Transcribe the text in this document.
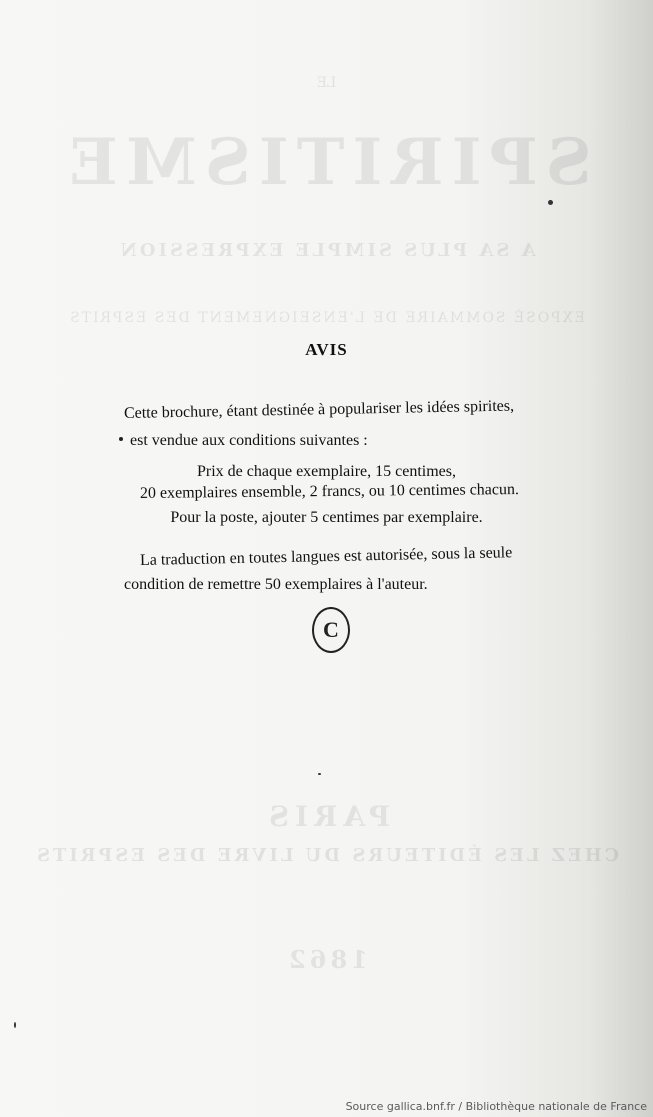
LE
SPIRITISME
A SA PLUS SIMPLE EXPRESSION
EXPOSÉ SOMMAIRE DE L'ENSEIGNEMENT DES ESPRITS
PARIS
CHEZ LES ÉDITEURS DU LIVRE DES ESPRITS
1862
AVIS
Cette brochure, étant destinée à populariser les idées spirites,
est vendue aux conditions suivantes :
Prix de chaque exemplaire, 15 centimes,
20 exemplaires ensemble, 2 francs, ou 10 centimes chacun.
Pour la poste, ajouter 5 centimes par exemplaire.
La traduction en toutes langues est autorisée, sous la seule
condition de remettre 50 exemplaires à l'auteur.
C
Source gallica.bnf.fr / Bibliothèque nationale de France
